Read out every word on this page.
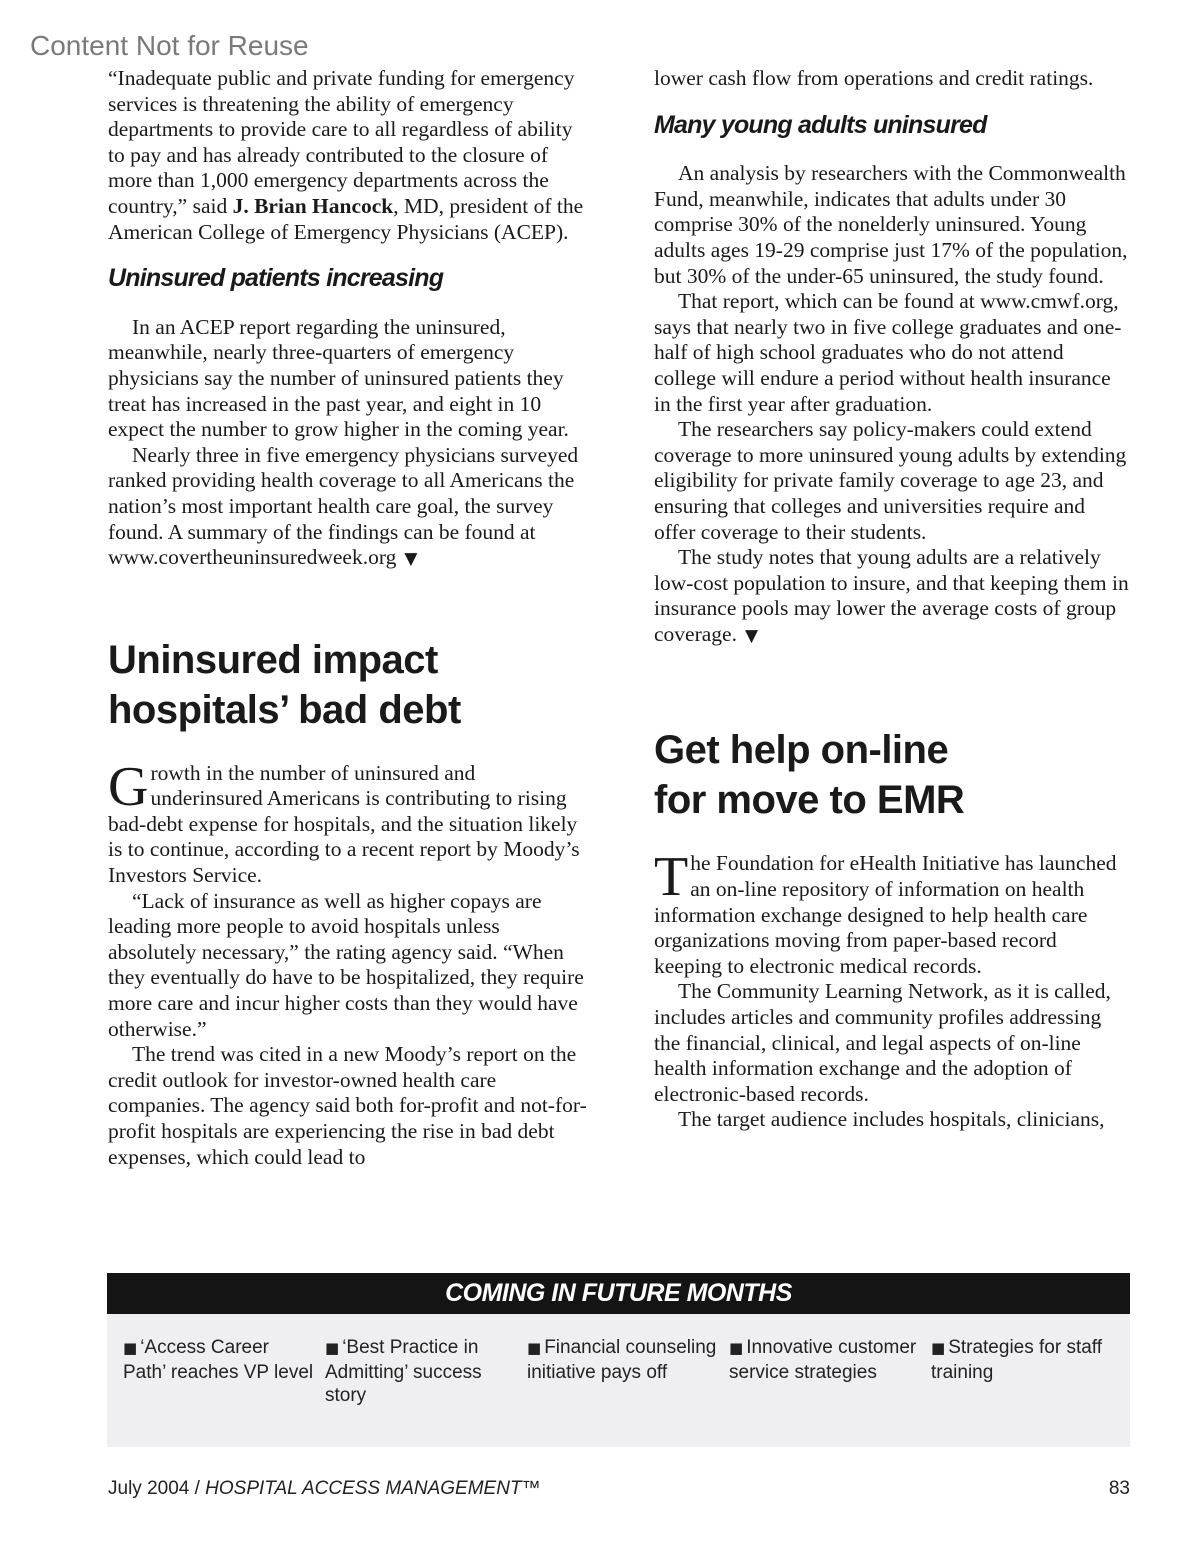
Content Not for Reuse

“Inadequate public and private funding for emergency services is threatening the ability of emergency departments to provide care to all regardless of ability to pay and has already contributed to the closure of more than 1,000 emergency departments across the country,” said J. Brian Hancock, MD, president of the American College of Emergency Physicians (ACEP).

Uninsured patients increasing

In an ACEP report regarding the uninsured, meanwhile, nearly three-quarters of emergency physicians say the number of uninsured patients they treat has increased in the past year, and eight in 10 expect the number to grow higher in the coming year.

Nearly three in five emergency physicians surveyed ranked providing health coverage to all Americans the nation’s most important health care goal, the survey found. A summary of the findings can be found at www.covertheuninsuredweek.org ▼

Uninsured impact
hospitals’ bad debt

Growth in the number of uninsured and underinsured Americans is contributing to rising bad-debt expense for hospitals, and the situation likely is to continue, according to a recent report by Moody’s Investors Service.

“Lack of insurance as well as higher copays are leading more people to avoid hospitals unless absolutely necessary,” the rating agency said. “When they eventually do have to be hospitalized, they require more care and incur higher costs than they would have otherwise.”

The trend was cited in a new Moody’s report on the credit outlook for investor-owned health care companies. The agency said both for-profit and not-for-profit hospitals are experiencing the rise in bad debt expenses, which could lead to

lower cash flow from operations and credit ratings.

Many young adults uninsured

An analysis by researchers with the Commonwealth Fund, meanwhile, indicates that adults under 30 comprise 30% of the nonelderly uninsured. Young adults ages 19-29 comprise just 17% of the population, but 30% of the under-65 uninsured, the study found.

That report, which can be found at www.cmwf.org, says that nearly two in five college graduates and one-half of high school graduates who do not attend college will endure a period without health insurance in the first year after graduation.

The researchers say policy-makers could extend coverage to more uninsured young adults by extending eligibility for private family coverage to age 23, and ensuring that colleges and universities require and offer coverage to their students.

The study notes that young adults are a relatively low-cost population to insure, and that keeping them in insurance pools may lower the average costs of group coverage. ▼

Get help on-line
for move to EMR

The Foundation for eHealth Initiative has launched an on-line repository of information on health information exchange designed to help health care organizations moving from paper-based record keeping to electronic medical records.

The Community Learning Network, as it is called, includes articles and community profiles addressing the financial, clinical, and legal aspects of on-line health information exchange and the adoption of electronic-based records.

The target audience includes hospitals, clinicians,

COMING IN FUTURE MONTHS
■ ‘Access Career Path’ reaches VP level
■ ‘Best Practice in Admitting’ success story
■ Financial counseling initiative pays off
■ Innovative customer service strategies
■ Strategies for staff training
July 2004 / HOSPITAL ACCESS MANAGEMENT™	83
